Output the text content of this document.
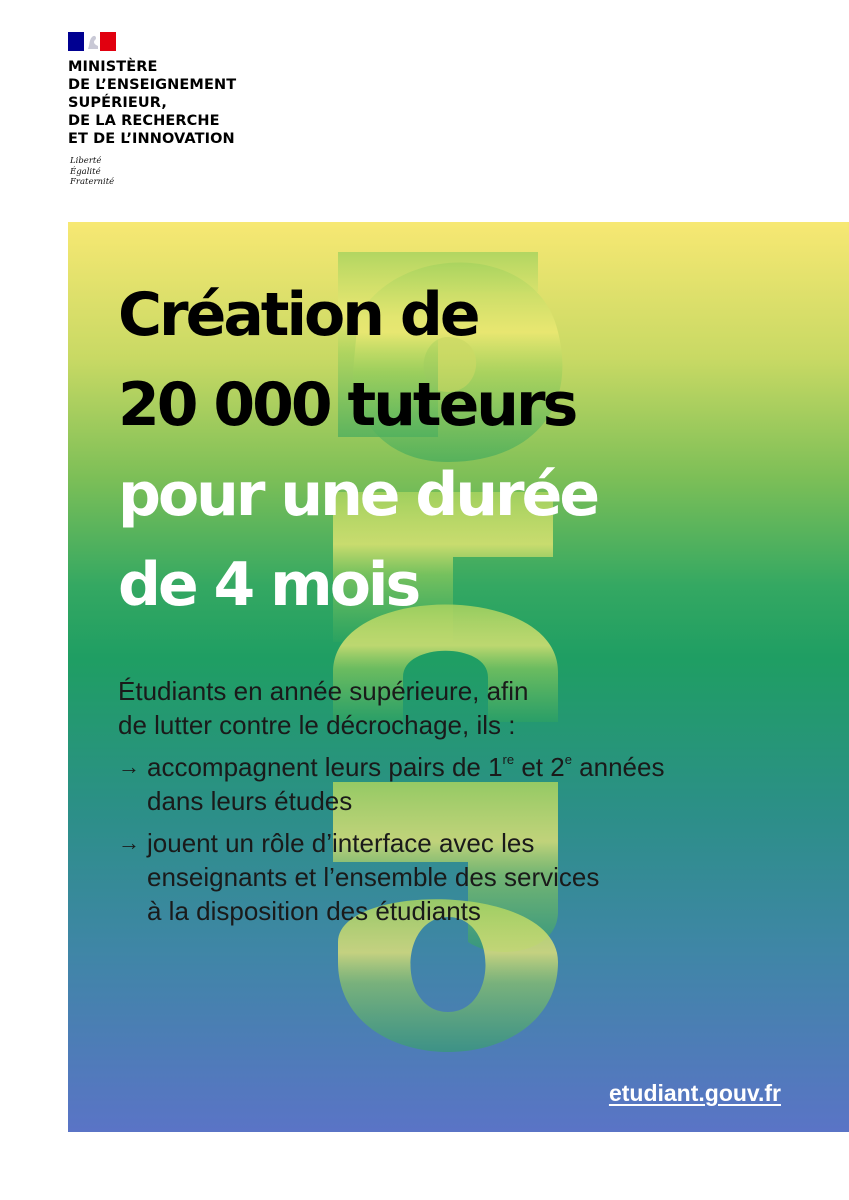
MINISTÈRE
DE L’ENSEIGNEMENT
SUPÉRIEUR,
DE LA RECHERCHE
ET DE L’INNOVATION
Liberté
Égalité
Fraternité
Création de
20 000 tuteurs
pour une durée
de 4 mois
Étudiants en année supérieure, afin
de lutter contre le décrochage, ils :
→ accompagnent leurs pairs de 1re et 2e années
dans leurs études
→ jouent un rôle d’interface avec les
enseignants et l’ensemble des services
à la disposition des étudiants
etudiant.gouv.fr
